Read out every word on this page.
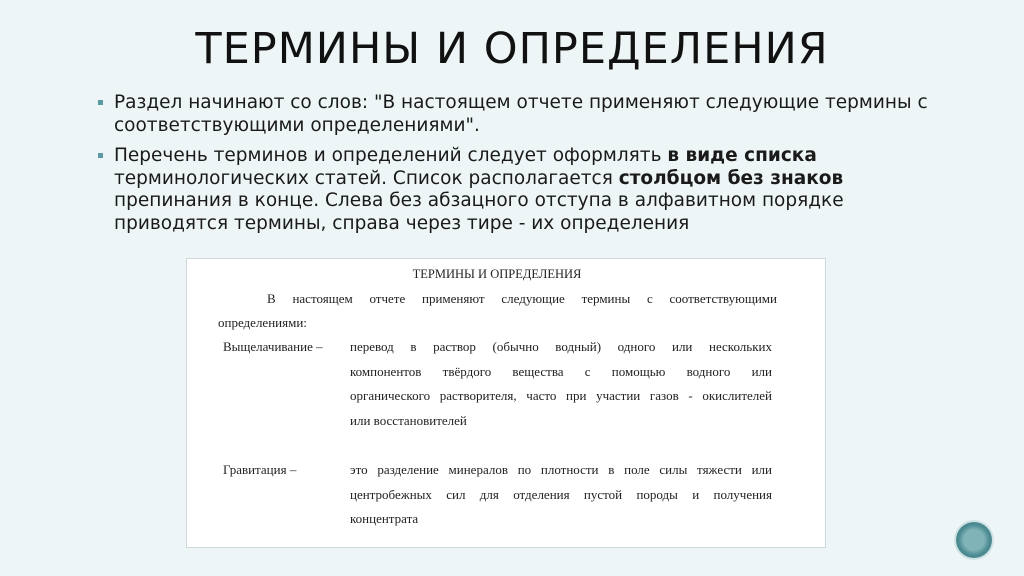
ТЕРМИНЫ И ОПРЕДЕЛЕНИЯ
Раздел начинают со слов: "В настоящем отчете применяют следующие термины с соответствующими определениями".
Перечень терминов и определений следует оформлять в виде списка терминологических статей. Список располагается столбцом без знаков препинания в конце. Слева без абзацного отступа в алфавитном порядке приводятся термины, справа через тире - их определения
ТЕРМИНЫ И ОПРЕДЕЛЕНИЯ
В настоящем отчете применяют следующие термины с соответствующими
определениями:
Выщелачивание – перевод в раствор (обычно водный) одного или нескольких
компонентов твёрдого вещества с помощью водного или
органического растворителя, часто при участии газов - окислителей
или восстановителей
Гравитация –	это разделение минералов по плотности в поле силы тяжести или
центробежных сил для отделения пустой породы и получения
концентрата
